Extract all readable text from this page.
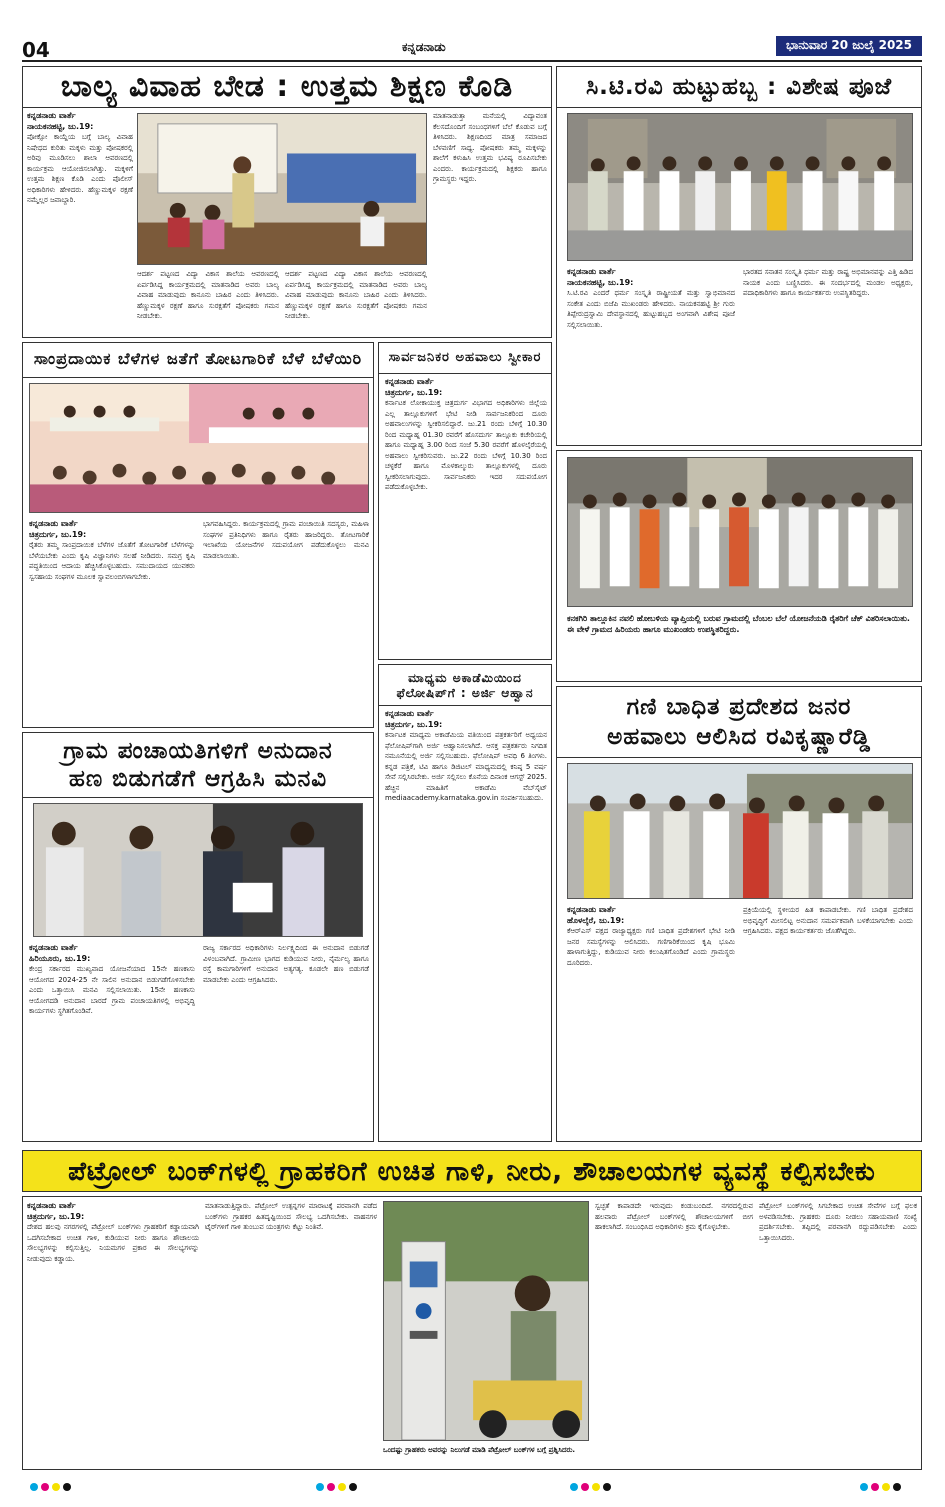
04	ಕನ್ನಡನಾಡು	ಭಾನುವಾರ 20 ಜುಲೈ 2025
ಬಾಲ್ಯ ವಿವಾಹ ಬೇಡ : ಉತ್ತಮ ಶಿಕ್ಷಣ ಕೊಡಿ
ಕನ್ನಡನಾಡು ವಾರ್ತೆ
ನಾಯಕನಹಟ್ಟಿ, ಜು.19:
ಪೋಕ್ಸೋ ಕಾಯ್ದೆಯ ಬಗ್ಗೆ ಬಾಲ್ಯ ವಿವಾಹ ನಿಷೇಧದ ಕುರಿತು ಮಕ್ಕಳು ಮತ್ತು ಪೋಷಕರಲ್ಲಿ ಅರಿವು ಮೂಡಿಸಲು ಶಾಲಾ ಆವರಣದಲ್ಲಿ ಕಾರ್ಯಕ್ರಮ ಆಯೋಜಿಸಲಾಗಿತ್ತು. ಮಕ್ಕಳಿಗೆ ಉತ್ತಮ ಶಿಕ್ಷಣ ಕೊಡಿ ಎಂದು ಪೊಲೀಸ್ ಅಧಿಕಾರಿಗಳು ಹೇಳಿದರು. ಹೆಣ್ಣುಮಕ್ಕಳ ರಕ್ಷಣೆ ನಮ್ಮೆಲ್ಲರ ಜವಾಬ್ದಾರಿ.
ಆದರ್ಶ ಪಟ್ಟಣದ ವಿದ್ಯಾ ವಿಕಾಸ ಶಾಲೆಯ ಆವರಣದಲ್ಲಿ ಏರ್ಪಡಿಸಿದ್ದ ಕಾರ್ಯಕ್ರಮದಲ್ಲಿ ಮಾತನಾಡಿದ ಅವರು ಬಾಲ್ಯ ವಿವಾಹ ಮಾಡುವುದು ಕಾನೂನು ಬಾಹಿರ ಎಂದು ತಿಳಿಸಿದರು. ಹೆಣ್ಣುಮಕ್ಕಳ ರಕ್ಷಣೆ ಹಾಗೂ ಸುರಕ್ಷತೆಗೆ ಪೋಷಕರು ಗಮನ ನೀಡಬೇಕು.
ಆದರ್ಶ ಪಟ್ಟಣದ ವಿದ್ಯಾ ವಿಕಾಸ ಶಾಲೆಯ ಆವರಣದಲ್ಲಿ ಏರ್ಪಡಿಸಿದ್ದ ಕಾರ್ಯಕ್ರಮದಲ್ಲಿ ಮಾತನಾಡಿದ ಅವರು ಬಾಲ್ಯ ವಿವಾಹ ಮಾಡುವುದು ಕಾನೂನು ಬಾಹಿರ ಎಂದು ತಿಳಿಸಿದರು. ಹೆಣ್ಣುಮಕ್ಕಳ ರಕ್ಷಣೆ ಹಾಗೂ ಸುರಕ್ಷತೆಗೆ ಪೋಷಕರು ಗಮನ ನೀಡಬೇಕು.
ಮಾತನಾಡುತ್ತಾ ಮನೆಯಲ್ಲಿ ವಿದ್ಯಾವಂತ ಕೆಲಸದೊಂದಿಗೆ ಸಂಬಂಧಗಳಿಗೆ ಬೆಲೆ ಕೊಡುವ ಬಗ್ಗೆ ತಿಳಿಸಿದರು. ಶಿಕ್ಷಣದಿಂದ ಮಾತ್ರ ಸಮಾಜದ ಬೆಳವಣಿಗೆ ಸಾಧ್ಯ. ಪೋಷಕರು ತಮ್ಮ ಮಕ್ಕಳನ್ನು ಶಾಲೆಗೆ ಕಳುಹಿಸಿ ಉತ್ತಮ ಭವಿಷ್ಯ ರೂಪಿಸಬೇಕು ಎಂದರು. ಕಾರ್ಯಕ್ರಮದಲ್ಲಿ ಶಿಕ್ಷಕರು ಹಾಗೂ ಗ್ರಾಮಸ್ಥರು ಇದ್ದರು.
ಸಿ.ಟಿ.ರವಿ ಹುಟ್ಟುಹಬ್ಬ : ವಿಶೇಷ ಪೂಜೆ
ಕನ್ನಡನಾಡು ವಾರ್ತೆ
ನಾಯಕನಹಟ್ಟಿ, ಜು.19:
ಸಿ.ಟಿ.ರವಿ ಎಂದರೆ ಧರ್ಮ ಸಂಸ್ಕೃತಿ ರಾಷ್ಟ್ರೀಯತೆ ಮತ್ತು ಸ್ವಾಭಿಮಾನದ ಸಂಕೇತ ಎಂದು ಬಿಜೆಪಿ ಮುಖಂಡರು ಹೇಳಿದರು. ನಾಯಕನಹಟ್ಟಿ ಶ್ರೀ ಗುರು ತಿಪ್ಪೇರುದ್ರಸ್ವಾಮಿ ದೇವಸ್ಥಾನದಲ್ಲಿ ಹುಟ್ಟುಹಬ್ಬದ ಅಂಗವಾಗಿ ವಿಶೇಷ ಪೂಜೆ ಸಲ್ಲಿಸಲಾಯಿತು.
ಭಾರತದ ಸನಾತನ ಸಂಸ್ಕೃತಿ ಧರ್ಮ ಮತ್ತು ರಾಷ್ಟ್ರ ಅಭಿಮಾನವನ್ನು ಎತ್ತಿ ಹಿಡಿದ ನಾಯಕ ಎಂದು ಬಣ್ಣಿಸಿದರು. ಈ ಸಂದರ್ಭದಲ್ಲಿ ಮಂಡಲ ಅಧ್ಯಕ್ಷರು, ಪದಾಧಿಕಾರಿಗಳು ಹಾಗೂ ಕಾರ್ಯಕರ್ತರು ಉಪಸ್ಥಿತರಿದ್ದರು.
ಸಾಂಪ್ರದಾಯಿಕ ಬೆಳೆಗಳ ಜತೆಗೆ ತೋಟಗಾರಿಕೆ ಬೆಳೆ ಬೆಳೆಯಿರಿ
ಕನ್ನಡನಾಡು ವಾರ್ತೆ
ಚಿತ್ರದುರ್ಗ, ಜು.19:
ರೈತರು ತಮ್ಮ ಸಾಂಪ್ರದಾಯಿಕ ಬೆಳೆಗಳ ಜೊತೆಗೆ ತೋಟಗಾರಿಕೆ ಬೆಳೆಗಳನ್ನು ಬೆಳೆಯಬೇಕು ಎಂದು ಕೃಷಿ ವಿಜ್ಞಾನಿಗಳು ಸಲಹೆ ನೀಡಿದರು. ಸಮಗ್ರ ಕೃಷಿ ಪದ್ಧತಿಯಿಂದ ಆದಾಯ ಹೆಚ್ಚಿಸಿಕೊಳ್ಳಬಹುದು. ಸಮುದಾಯದ ಯುವಕರು ಸ್ವಸಹಾಯ ಸಂಘಗಳ ಮೂಲಕ ಸ್ವಾವಲಂಬಿಗಳಾಗಬೇಕು.
ಭಾಗವಹಿಸಿದ್ದರು. ಕಾರ್ಯಕ್ರಮದಲ್ಲಿ ಗ್ರಾಮ ಪಂಚಾಯಿತಿ ಸದಸ್ಯರು, ಮಹಿಳಾ ಸಂಘಗಳ ಪ್ರತಿನಿಧಿಗಳು ಹಾಗೂ ರೈತರು ಹಾಜರಿದ್ದರು. ತೋಟಗಾರಿಕೆ ಇಲಾಖೆಯ ಯೋಜನೆಗಳ ಸದುಪಯೋಗ ಪಡೆದುಕೊಳ್ಳಲು ಮನವಿ ಮಾಡಲಾಯಿತು.
ಸಾರ್ವಜನಿಕರ ಅಹವಾಲು ಸ್ವೀಕಾರ
ಕನ್ನಡನಾಡು ವಾರ್ತೆ
ಚಿತ್ರದುರ್ಗ, ಜು.19:
ಕರ್ನಾಟಕ ಲೋಕಾಯುಕ್ತ ಚಿತ್ರದುರ್ಗ ವಿಭಾಗದ ಅಧಿಕಾರಿಗಳು ಜಿಲ್ಲೆಯ ಎಲ್ಲ ತಾಲ್ಲೂಕುಗಳಿಗೆ ಭೇಟಿ ನೀಡಿ ಸಾರ್ವಜನಿಕರಿಂದ ದೂರು ಅಹವಾಲುಗಳನ್ನು ಸ್ವೀಕರಿಸಲಿದ್ದಾರೆ. ಜು.21 ರಂದು ಬೆಳಿಗ್ಗೆ 10.30 ರಿಂದ ಮಧ್ಯಾಹ್ನ 01.30 ರವರೆಗೆ ಹೊಸದುರ್ಗ ತಾಲ್ಲೂಕು ಕಚೇರಿಯಲ್ಲಿ ಹಾಗೂ ಮಧ್ಯಾಹ್ನ 3.00 ರಿಂದ ಸಂಜೆ 5.30 ರವರೆಗೆ ಹೊಳಲ್ಕೆರೆಯಲ್ಲಿ ಅಹವಾಲು ಸ್ವೀಕರಿಸುವರು. ಜು.22 ರಂದು ಬೆಳಿಗ್ಗೆ 10.30 ರಿಂದ ಚಳ್ಳಕೆರೆ ಹಾಗೂ ಮೊಳಕಾಲ್ಮುರು ತಾಲ್ಲೂಕುಗಳಲ್ಲಿ ದೂರು ಸ್ವೀಕರಿಸಲಾಗುವುದು. ಸಾರ್ವಜನಿಕರು ಇದರ ಸದುಪಯೋಗ ಪಡೆದುಕೊಳ್ಳಬೇಕು.
ಮಾಧ್ಯಮ ಅಕಾಡೆಮಿಯಿಂದ ಫೆಲೋಷಿಪ್‌ಗೆ : ಅರ್ಜಿ ಆಹ್ವಾನ
ಕನ್ನಡನಾಡು ವಾರ್ತೆ
ಚಿತ್ರದುರ್ಗ, ಜು.19:
ಕರ್ನಾಟಕ ಮಾಧ್ಯಮ ಅಕಾಡೆಮಿಯ ವತಿಯಿಂದ ಪತ್ರಕರ್ತರಿಗೆ ಅಧ್ಯಯನ ಫೆಲೋಷಿಪ್‌ಗಾಗಿ ಅರ್ಜಿ ಆಹ್ವಾನಿಸಲಾಗಿದೆ. ಆಸಕ್ತ ಪತ್ರಕರ್ತರು ನಿಗದಿತ ನಮೂನೆಯಲ್ಲಿ ಅರ್ಜಿ ಸಲ್ಲಿಸಬಹುದು. ಫೆಲೋಷಿಪ್ ಅವಧಿ 6 ತಿಂಗಳು. ಕನ್ನಡ ಪತ್ರಿಕೆ, ಟಿವಿ ಹಾಗೂ ಡಿಜಿಟಲ್ ಮಾಧ್ಯಮದಲ್ಲಿ ಕನಿಷ್ಠ 5 ವರ್ಷ ಸೇವೆ ಸಲ್ಲಿಸಿರಬೇಕು. ಅರ್ಜಿ ಸಲ್ಲಿಸಲು ಕೊನೆಯ ದಿನಾಂಕ ಆಗಸ್ಟ್ 2025. ಹೆಚ್ಚಿನ ಮಾಹಿತಿಗೆ ಅಕಾಡೆಮಿ ವೆಬ್‌ಸೈಟ್ mediaacademy.karnataka.gov.in ಸಂಪರ್ಕಿಸಬಹುದು.
ಗ್ರಾಮ ಪಂಚಾಯತಿಗಳಿಗೆ ಅನುದಾನ
ಹಣ ಬಿಡುಗಡೆಗೆ ಆಗ್ರಹಿಸಿ ಮನವಿ
ಕನ್ನಡನಾಡು ವಾರ್ತೆ
ಹಿರಿಯೂರು, ಜು.19:
ಕೇಂದ್ರ ಸರ್ಕಾರದ ಮುಖ್ಯವಾದ ಯೋಜನೆಯಾದ 15ನೇ ಹಣಕಾಸು ಆಯೋಗದ 2024-25 ನೇ ಸಾಲಿನ ಅನುದಾನ ಬಿಡುಗಡೆಗೊಳಿಸಬೇಕು ಎಂದು ಒತ್ತಾಯಿಸಿ ಮನವಿ ಸಲ್ಲಿಸಲಾಯಿತು. 15ನೇ ಹಣಕಾಸು ಆಯೋಗದಡಿ ಅನುದಾನ ಬಾರದೆ ಗ್ರಾಮ ಪಂಚಾಯತಿಗಳಲ್ಲಿ ಅಭಿವೃದ್ಧಿ ಕಾರ್ಯಗಳು ಸ್ಥಗಿತಗೊಂಡಿವೆ.
ರಾಜ್ಯ ಸರ್ಕಾರದ ಅಧಿಕಾರಿಗಳು ನಿರ್ಲಕ್ಷ್ಯದಿಂದ ಈ ಅನುದಾನ ಬಿಡುಗಡೆ ವಿಳಂಬವಾಗಿದೆ. ಗ್ರಾಮೀಣ ಭಾಗದ ಕುಡಿಯುವ ನೀರು, ನೈರ್ಮಲ್ಯ ಹಾಗೂ ರಸ್ತೆ ಕಾಮಗಾರಿಗಳಿಗೆ ಅನುದಾನ ಅತ್ಯಗತ್ಯ. ಕೂಡಲೇ ಹಣ ಬಿಡುಗಡೆ ಮಾಡಬೇಕು ಎಂದು ಆಗ್ರಹಿಸಿದರು.
ಕನಕಗಿರಿ ತಾಲ್ಲೂಕಿನ ನವಲಿ ಹೋಬಳಿಯ ವ್ಯಾಪ್ತಿಯಲ್ಲಿ ಬರುವ ಗ್ರಾಮದಲ್ಲಿ ಬೆಂಬಲ ಬೆಲೆ ಯೋಜನೆಯಡಿ ರೈತರಿಗೆ ಚೆಕ್ ವಿತರಿಸಲಾಯಿತು. ಈ ವೇಳೆ ಗ್ರಾಮದ ಹಿರಿಯರು ಹಾಗೂ ಮುಖಂಡರು ಉಪಸ್ಥಿತರಿದ್ದರು.
ಗಣಿ ಬಾಧಿತ ಪ್ರದೇಶದ ಜನರ
ಅಹವಾಲು ಆಲಿಸಿದ ರವಿಕೃಷ್ಣಾರೆಡ್ಡಿ
ಕನ್ನಡನಾಡು ವಾರ್ತೆ
ಹೊಳಲ್ಕೆರೆ, ಜು.19:
ಕೆಆರ್‌ಎಸ್ ಪಕ್ಷದ ರಾಜ್ಯಾಧ್ಯಕ್ಷರು ಗಣಿ ಬಾಧಿತ ಪ್ರದೇಶಗಳಿಗೆ ಭೇಟಿ ನೀಡಿ ಜನರ ಸಮಸ್ಯೆಗಳನ್ನು ಆಲಿಸಿದರು. ಗಣಿಗಾರಿಕೆಯಿಂದ ಕೃಷಿ ಭೂಮಿ ಹಾಳಾಗುತ್ತಿದ್ದು, ಕುಡಿಯುವ ನೀರು ಕಲುಷಿತಗೊಂಡಿದೆ ಎಂದು ಗ್ರಾಮಸ್ಥರು ದೂರಿದರು.
ಪ್ರಕ್ರಿಯೆಯಲ್ಲಿ ಸ್ಥಳೀಯರ ಹಿತ ಕಾಪಾಡಬೇಕು. ಗಣಿ ಬಾಧಿತ ಪ್ರದೇಶದ ಅಭಿವೃದ್ಧಿಗೆ ಮೀಸಲಿಟ್ಟ ಅನುದಾನ ಸಮರ್ಪಕವಾಗಿ ಬಳಕೆಯಾಗಬೇಕು ಎಂದು ಆಗ್ರಹಿಸಿದರು. ಪಕ್ಷದ ಕಾರ್ಯಕರ್ತರು ಜೊತೆಗಿದ್ದರು.
ಪೆಟ್ರೋಲ್ ಬಂಕ್‌ಗಳಲ್ಲಿ ಗ್ರಾಹಕರಿಗೆ ಉಚಿತ ಗಾಳಿ, ನೀರು, ಶೌಚಾಲಯಗಳ ವ್ಯವಸ್ಥೆ ಕಲ್ಪಿಸಬೇಕು
ಕನ್ನಡನಾಡು ವಾರ್ತೆ
ಚಿತ್ರದುರ್ಗ, ಜು.19:
ದೇಶದ ಹಲವು ನಗರಗಳಲ್ಲಿ ಪೆಟ್ರೋಲ್ ಬಂಕ್‌ಗಳು ಗ್ರಾಹಕರಿಗೆ ಕಡ್ಡಾಯವಾಗಿ ಒದಗಿಸಬೇಕಾದ ಉಚಿತ ಗಾಳಿ, ಕುಡಿಯುವ ನೀರು ಹಾಗೂ ಶೌಚಾಲಯ ಸೌಲಭ್ಯಗಳನ್ನು ಕಲ್ಪಿಸುತ್ತಿಲ್ಲ. ನಿಯಮಗಳ ಪ್ರಕಾರ ಈ ಸೌಲಭ್ಯಗಳನ್ನು ನೀಡುವುದು ಕಡ್ಡಾಯ.
ಮಾತನಾಡುತ್ತಿದ್ದಾರು. ಪೆಟ್ರೋಲ್ ಉತ್ಪನ್ನಗಳ ಮಾರಾಟಕ್ಕೆ ಪರವಾನಗಿ ಪಡೆದ ಬಂಕ್‌ಗಳು ಗ್ರಾಹಕರ ಹಿತದೃಷ್ಟಿಯಿಂದ ಸೌಲಭ್ಯ ಒದಗಿಸಬೇಕು. ವಾಹನಗಳ ಟೈರ್‌ಗಳಿಗೆ ಗಾಳಿ ತುಂಬುವ ಯಂತ್ರಗಳು ಕೆಟ್ಟು ನಿಂತಿವೆ.
ಒಂದಷ್ಟು ಗ್ರಾಹಕರು ಅವರನ್ನು ನಿಲುಗಡೆ ಮಾಡಿ ಪೆಟ್ರೋಲ್ ಬಂಕ್‌ಗಳ ಬಗ್ಗೆ ಪ್ರಶ್ನಿಸಿದರು.
ಸ್ವಚ್ಛತೆ ಕಾಪಾಡದೇ ಇರುವುದು ಕಂಡುಬಂದಿದೆ. ನಗರದಲ್ಲಿರುವ ಹಲವಾರು ಪೆಟ್ರೋಲ್ ಬಂಕ್‌ಗಳಲ್ಲಿ ಶೌಚಾಲಯಗಳಿಗೆ ಬೀಗ ಹಾಕಲಾಗಿದೆ. ಸಂಬಂಧಿಸಿದ ಅಧಿಕಾರಿಗಳು ಕ್ರಮ ಕೈಗೊಳ್ಳಬೇಕು.
ಪೆಟ್ರೋಲ್ ಬಂಕ್‌ಗಳಲ್ಲಿ ಸಿಗಬೇಕಾದ ಉಚಿತ ಸೇವೆಗಳ ಬಗ್ಗೆ ಫಲಕ ಅಳವಡಿಸಬೇಕು. ಗ್ರಾಹಕರು ದೂರು ನೀಡಲು ಸಹಾಯವಾಣಿ ಸಂಖ್ಯೆ ಪ್ರದರ್ಶಿಸಬೇಕು. ತಪ್ಪಿದಲ್ಲಿ ಪರವಾನಗಿ ರದ್ದುಪಡಿಸಬೇಕು ಎಂದು ಒತ್ತಾಯಿಸಿದರು.
